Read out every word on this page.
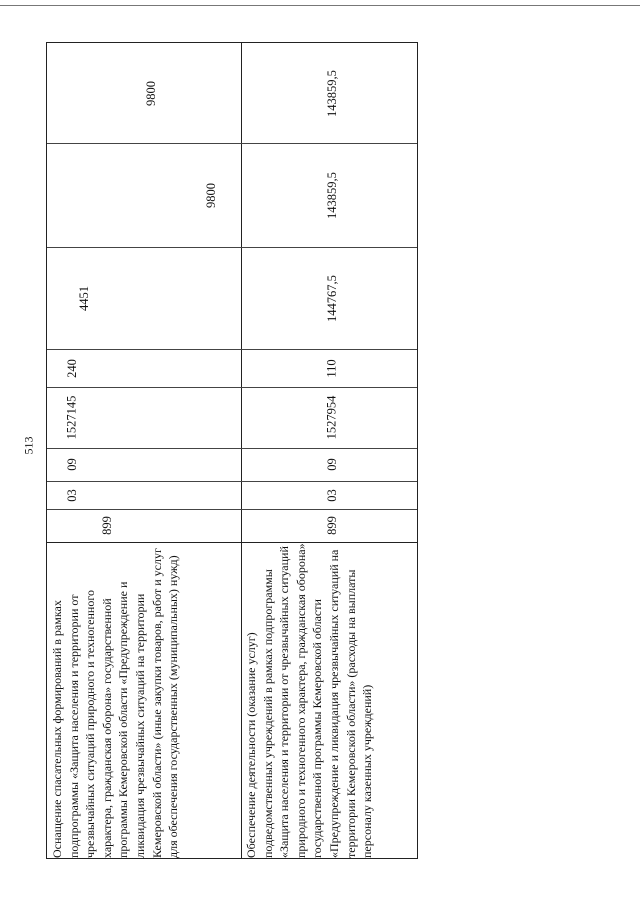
513

Оснащение спасательных формирований в рамках подпрограммы «Защита населения и территории от чрезвычайных ситуаций природного и техногенного характера, гражданская оборона» государственной программы Кемеровской области «Предупреждение и ликвидация чрезвычайных ситуаций на территории Кемеровской области» (иные закупки товаров, работ и услуг для обеспечения государственных (муниципальных) нужд)

9800
9800
4451
240
1527145
09
03
899

Обеспечение деятельности (оказание услуг) подведомственных учреждений в рамках подпрограммы «Защита населения и территории от чрезвычайных ситуаций природного и техногенного характера, гражданская оборона» государственной программы Кемеровской области «Предупреждение и ликвидация чрезвычайных ситуаций на территории Кемеровской области» (расходы на выплаты персоналу казенных учреждений)

143859,5
143859,5
144767,5
110
1527954
09
03
899
